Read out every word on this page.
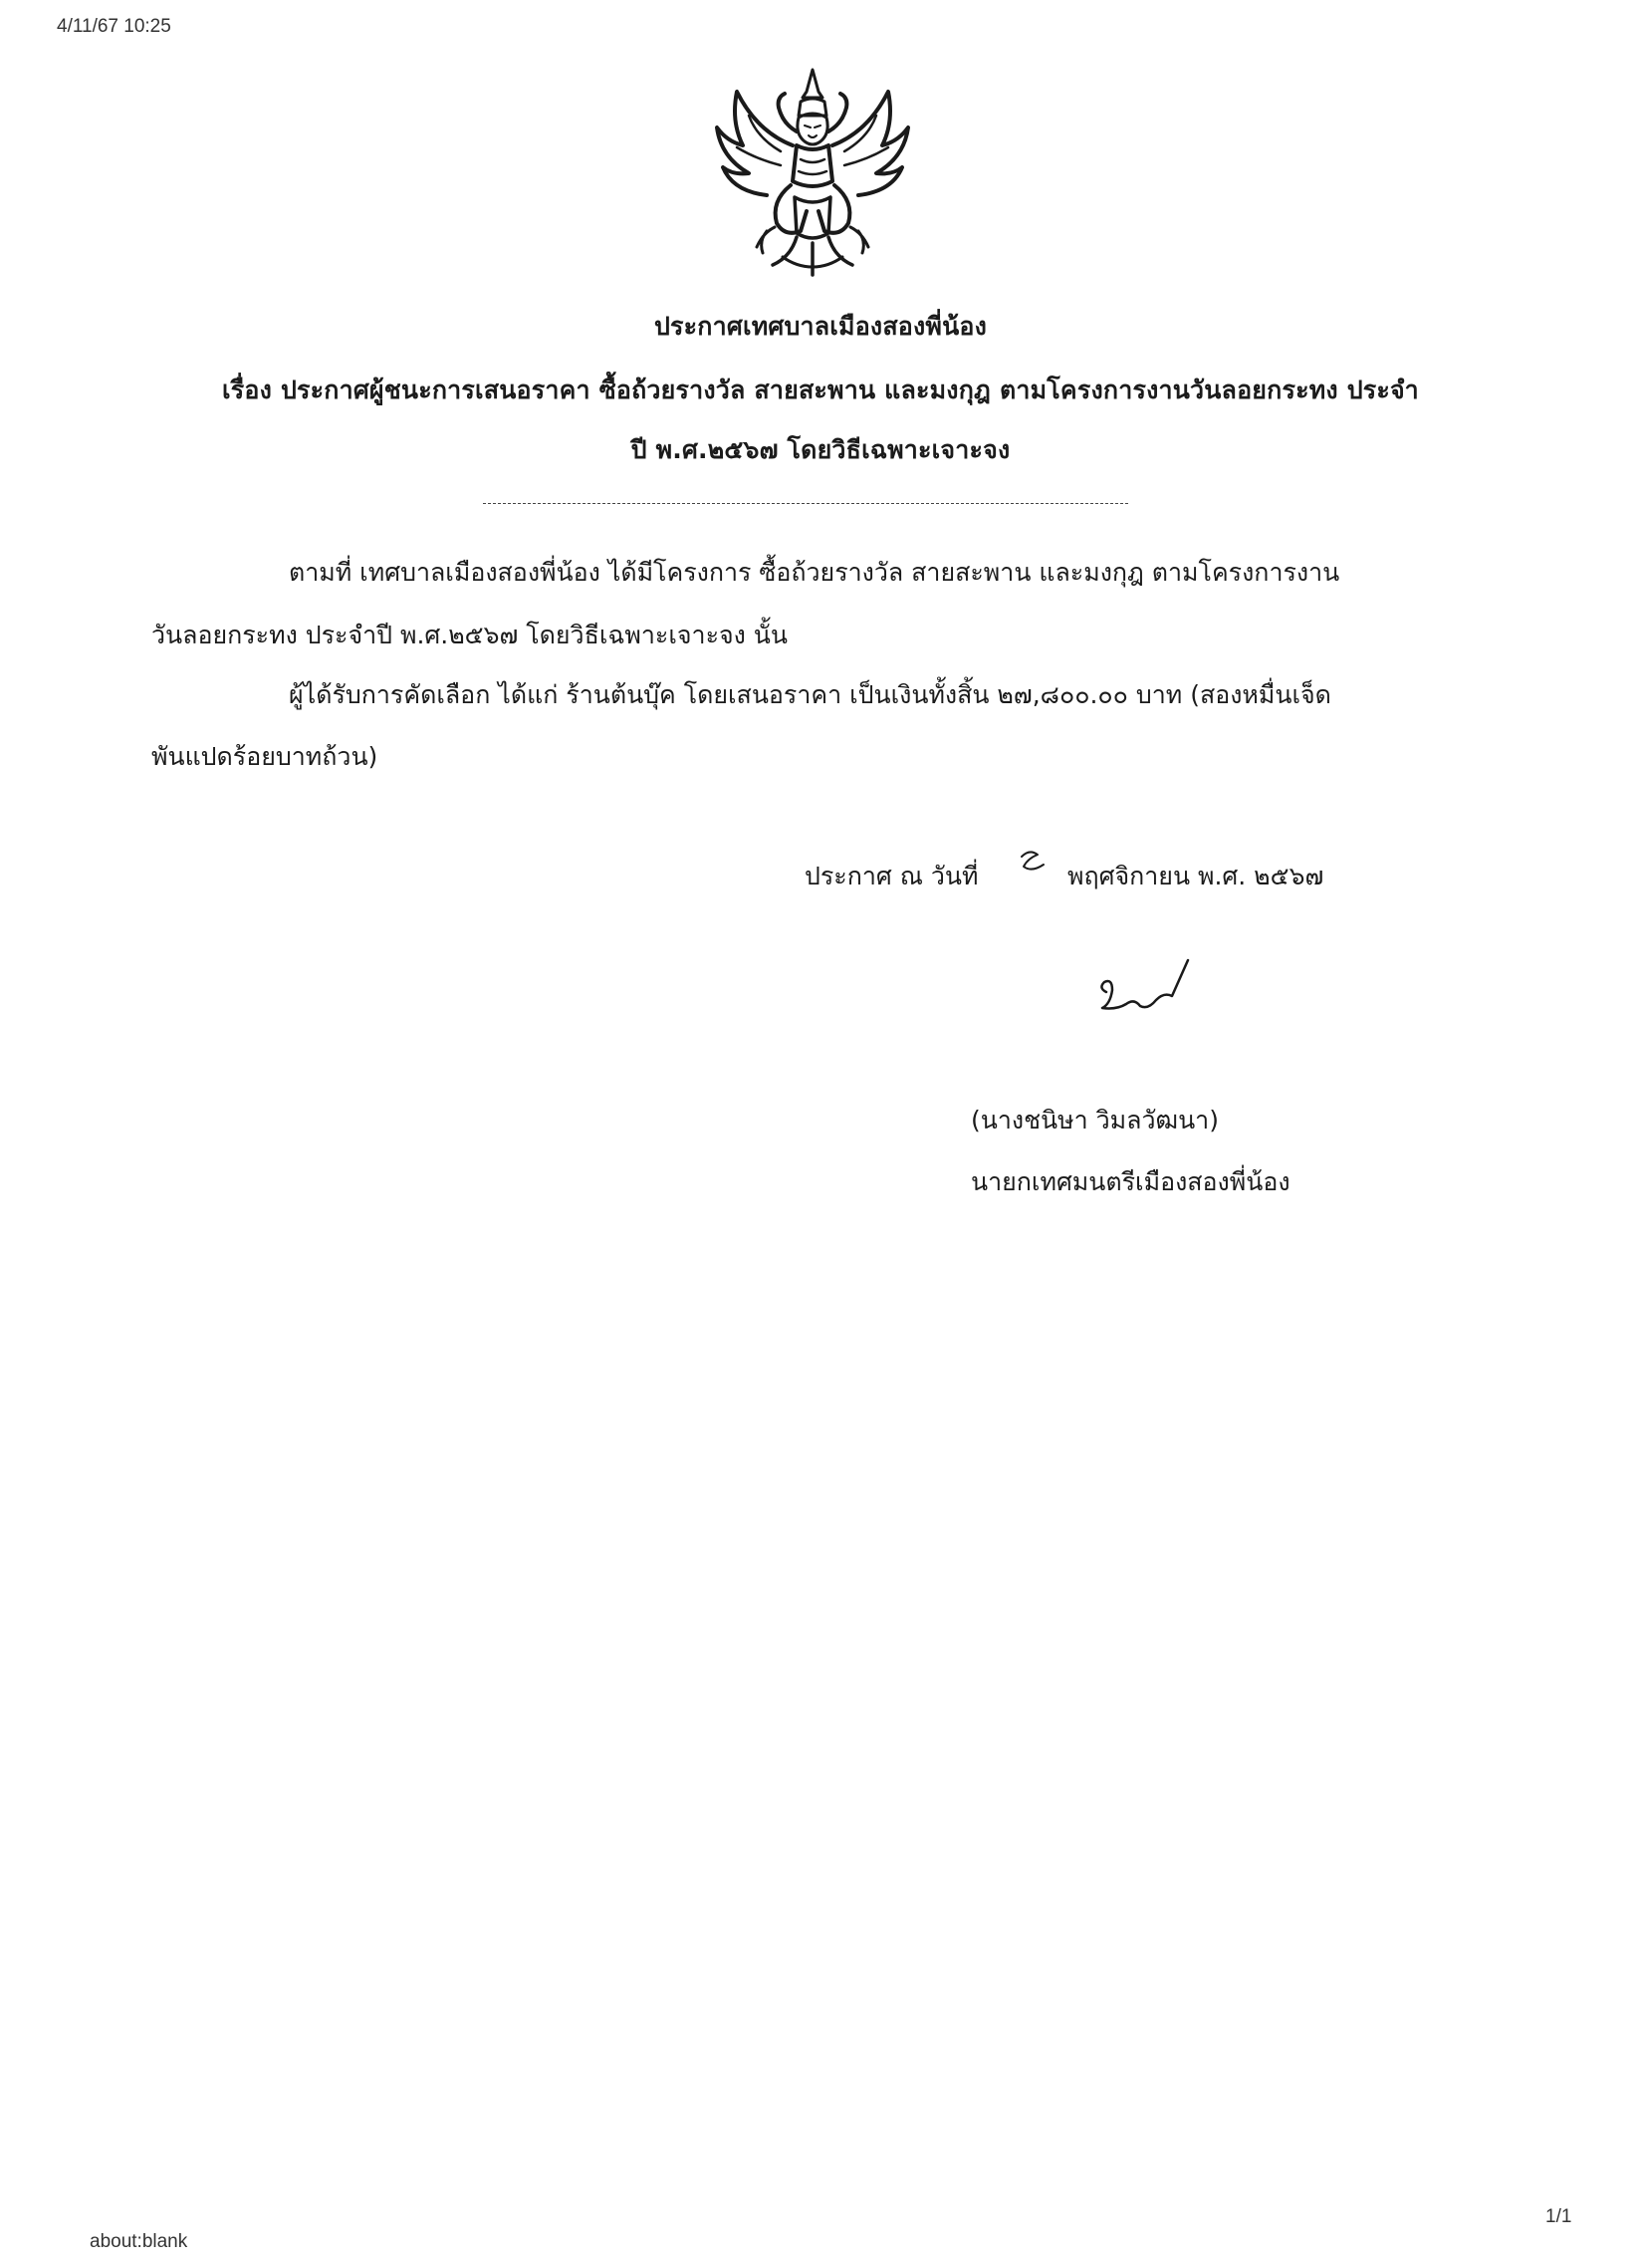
4/11/67 10:25
ประกาศเทศบาลเมืองสองพี่น้อง
เรื่อง ประกาศผู้ชนะการเสนอราคา ซื้อถ้วยรางวัล สายสะพาน และมงกุฎ ตามโครงการงานวันลอยกระทง ประจำ
ปี พ.ศ.๒๕๖๗ โดยวิธีเฉพาะเจาะจง
ตามที่ เทศบาลเมืองสองพี่น้อง ได้มีโครงการ ซื้อถ้วยรางวัล สายสะพาน และมงกุฎ ตามโครงการงาน
วันลอยกระทง ประจำปี พ.ศ.๒๕๖๗ โดยวิธีเฉพาะเจาะจง นั้น
ผู้ได้รับการคัดเลือก ได้แก่ ร้านต้นบุ๊ค โดยเสนอราคา เป็นเงินทั้งสิ้น ๒๗,๘๐๐.๐๐ บาท (สองหมื่นเจ็ด
พันแปดร้อยบาทถ้วน)
ประกาศ ณ วันที่	พฤศจิกายน พ.ศ. ๒๕๖๗
(นางชนิษา วิมลวัฒนา)
นายกเทศมนตรีเมืองสองพี่น้อง
1/1
about:blank
